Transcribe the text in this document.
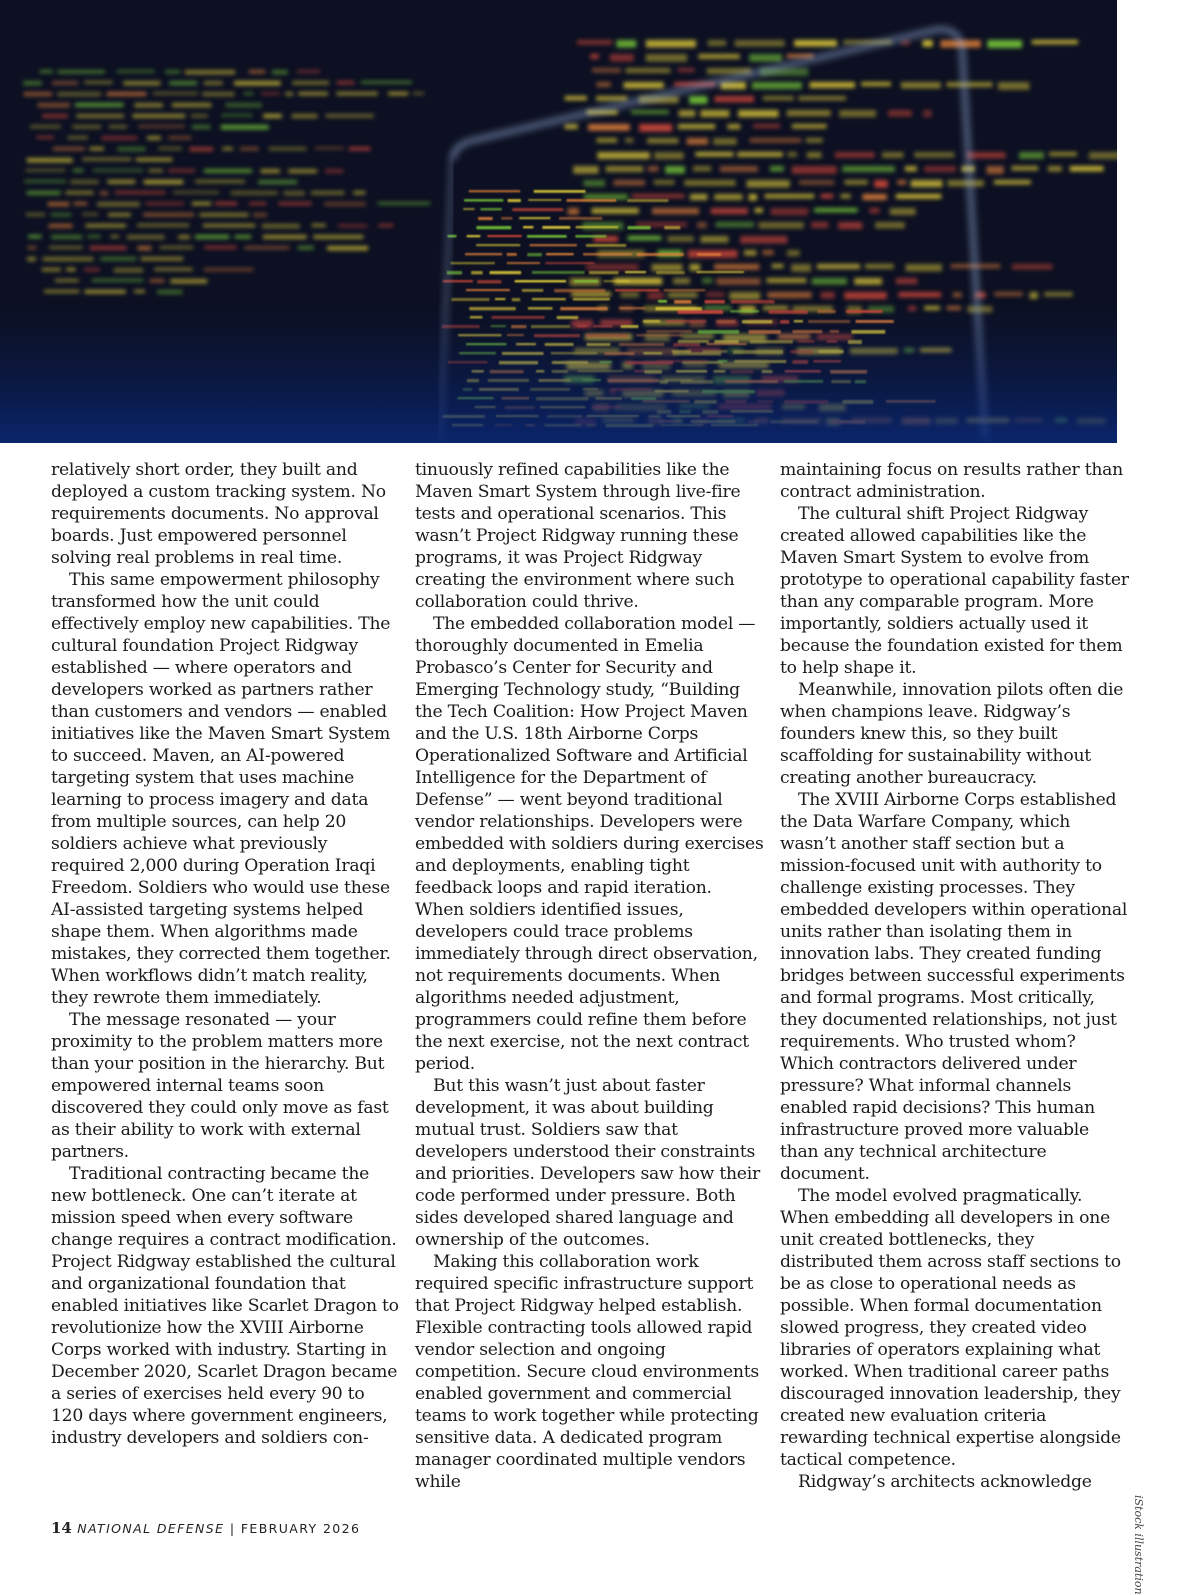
relatively short order, they built and deployed a custom tracking system. No requirements documents. No approval boards. Just empowered personnel solving real problems in real time.

This same empowerment philosophy transformed how the unit could effectively employ new capabilities. The cultural foundation Project Ridgway established — where operators and developers worked as partners rather than customers and vendors — enabled initiatives like the Maven Smart System to succeed. Maven, an AI-powered targeting system that uses machine learning to process imagery and data from multiple sources, can help 20 soldiers achieve what previously required 2,000 during Operation Iraqi Freedom. Soldiers who would use these AI-assisted targeting systems helped shape them. When algorithms made mistakes, they corrected them together. When workflows didn’t match reality, they rewrote them immediately.

The message resonated — your proximity to the problem matters more than your position in the hierarchy. But empowered internal teams soon discovered they could only move as fast as their ability to work with external partners.

Traditional contracting became the new bottleneck. One can’t iterate at mission speed when every software change requires a contract modification. Project Ridgway established the cultural and organizational foundation that enabled initiatives like Scarlet Dragon to revolutionize how the XVIII Airborne Corps worked with industry. Starting in December 2020, Scarlet Dragon became a series of exercises held every 90 to 120 days where government engineers, industry developers and soldiers con-

tinuously refined capabilities like the Maven Smart System through live-fire tests and operational scenarios. This wasn’t Project Ridgway running these programs, it was Project Ridgway creating the environment where such collaboration could thrive.

The embedded collaboration model — thoroughly documented in Emelia Probasco’s Center for Security and Emerging Technology study, “Building the Tech Coalition: How Project Maven and the U.S. 18th Airborne Corps Operationalized Software and Artificial Intelligence for the Department of Defense” — went beyond traditional vendor relationships. Developers were embedded with soldiers during exercises and deployments, enabling tight feedback loops and rapid iteration. When soldiers identified issues, developers could trace problems immediately through direct observation, not requirements documents. When algorithms needed adjustment, programmers could refine them before the next exercise, not the next contract period.

But this wasn’t just about faster development, it was about building mutual trust. Soldiers saw that developers understood their constraints and priorities. Developers saw how their code performed under pressure. Both sides developed shared language and ownership of the outcomes.

Making this collaboration work required specific infrastructure support that Project Ridgway helped establish. Flexible contracting tools allowed rapid vendor selection and ongoing competition. Secure cloud environments enabled government and commercial teams to work together while protecting sensitive data. A dedicated program manager coordinated multiple vendors while

maintaining focus on results rather than contract administration.

The cultural shift Project Ridgway created allowed capabilities like the Maven Smart System to evolve from prototype to operational capability faster than any comparable program. More importantly, soldiers actually used it because the foundation existed for them to help shape it.

Meanwhile, innovation pilots often die when champions leave. Ridgway’s founders knew this, so they built scaffolding for sustainability without creating another bureaucracy.

The XVIII Airborne Corps established the Data Warfare Company, which wasn’t another staff section but a mission-focused unit with authority to challenge existing processes. They embedded developers within operational units rather than isolating them in innovation labs. They created funding bridges between successful experiments and formal programs. Most critically, they documented relationships, not just requirements. Who trusted whom? Which contractors delivered under pressure? What informal channels enabled rapid decisions? This human infrastructure proved more valuable than any technical architecture document.

The model evolved pragmatically. When embedding all developers in one unit created bottlenecks, they distributed them across staff sections to be as close to operational needs as possible. When formal documentation slowed progress, they created video libraries of operators explaining what worked. When traditional career paths discouraged innovation leadership, they created new evaluation criteria rewarding technical expertise alongside tactical competence.

Ridgway’s architects acknowledge

iStock illustration
14 NATIONAL DEFENSE | FEBRUARY 2026
